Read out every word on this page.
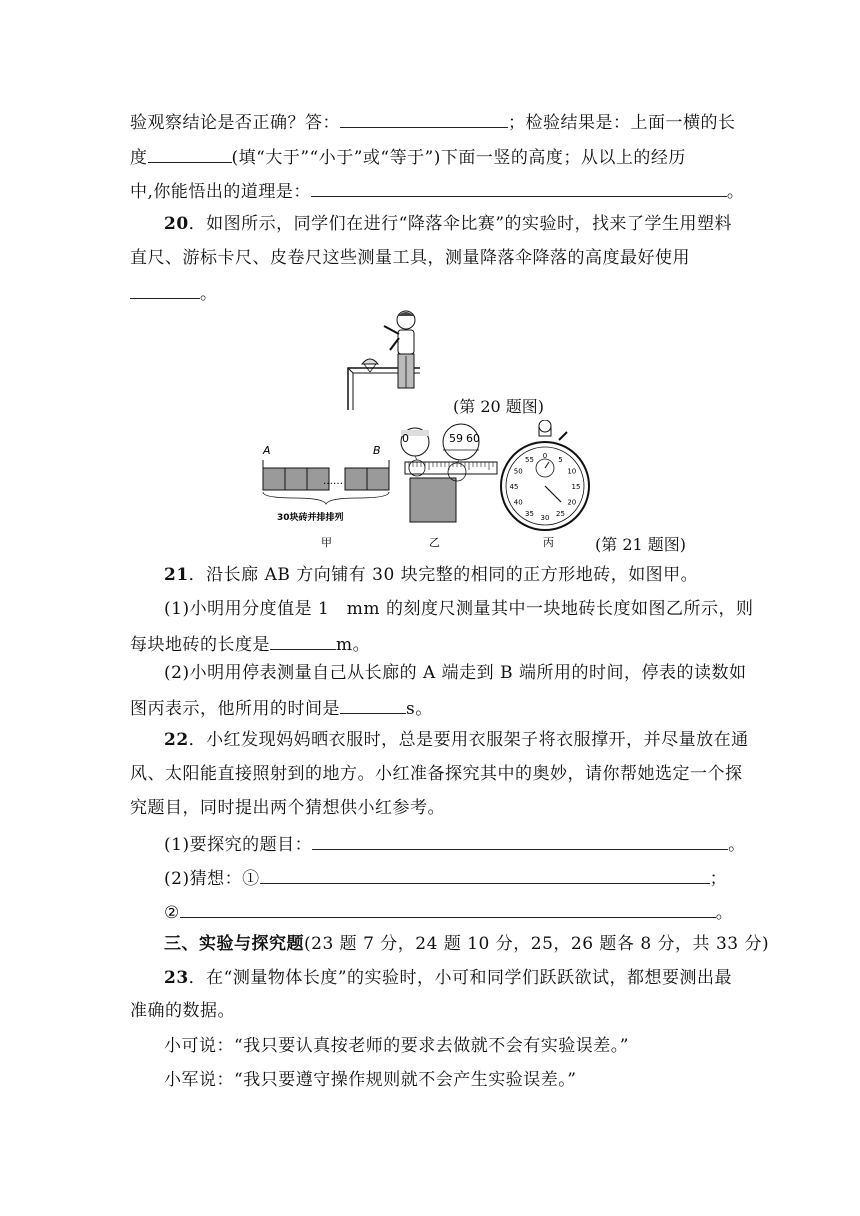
验观察结论是否正确？答：	；检验结果是：上面一横的长
度	(填“大于”“小于”或“等于”)下面一竖的高度；从以上的经历
中,你能悟出的道理是：	。
20．如图所示，同学们在进行“降落伞比赛”的实验时，找来了学生用塑料
直尺、游标卡尺、皮卷尺这些测量工具，测量降落伞降落的高度最好使用
。
(第 20 题图)
A	B
……
30块砖并排排列
甲
0	59 60
乙
0
5
10
15
20
25
30
35
40
45
50
55
丙	(第 21 题图)
21．沿长廊 AB 方向铺有 30 块完整的相同的正方形地砖，如图甲。
(1)小明用分度值是 1　mm 的刻度尺测量其中一块地砖长度如图乙所示，则
每块地砖的长度是	m。
(2)小明用停表测量自己从长廊的 A 端走到 B 端所用的时间，停表的读数如
图丙表示，他所用的时间是	s。
22．小红发现妈妈晒衣服时，总是要用衣服架子将衣服撑开，并尽量放在通
风、太阳能直接照射到的地方。小红准备探究其中的奥妙，请你帮她选定一个探
究题目，同时提出两个猜想供小红参考。
(1)要探究的题目：	。
(2)猜想：①	；
②	。
三、实验与探究题(23 题 7 分，24 题 10 分，25，26 题各 8 分，共 33 分)
23．在“测量物体长度”的实验时，小可和同学们跃跃欲试，都想要测出最
准确的数据。
小可说：“我只要认真按老师的要求去做就不会有实验误差。”
小军说：“我只要遵守操作规则就不会产生实验误差。”
